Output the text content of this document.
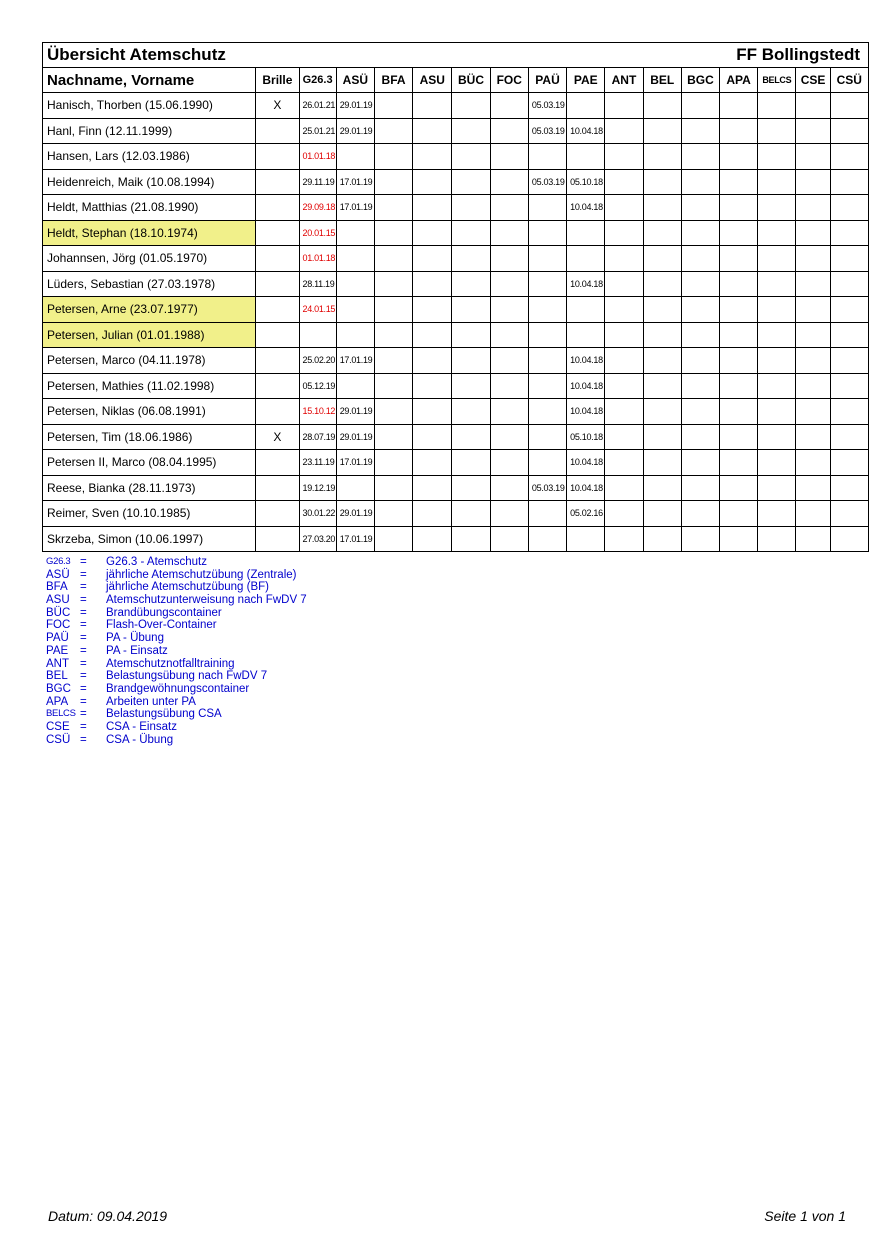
Übersicht Atemschutz								FF Bollingstedt								
Nachname, Vorname	Brille	G26.3	ASÜ	BFA	ASU	BÜC	FOC	PAÜ	PAE	ANT	BEL	BGC	APA	BELCS	CSE	CSÜ
Hanisch, Thorben (15.06.1990)	X	26.01.21	29.01.19					05.03.19								
Hanl, Finn (12.11.1999)		25.01.21	29.01.19					05.03.19	10.04.18							
Hansen, Lars (12.03.1986)		01.01.18														
Heidenreich, Maik (10.08.1994)		29.11.19	17.01.19					05.03.19	05.10.18							
Heldt, Matthias (21.08.1990)		29.09.18	17.01.19						10.04.18							
Heldt, Stephan (18.10.1974)		20.01.15														
Johannsen, Jörg (01.05.1970)		01.01.18														
Lüders, Sebastian (27.03.1978)		28.11.19							10.04.18							
Petersen, Arne (23.07.1977)		24.01.15														
Petersen, Julian (01.01.1988)																
Petersen, Marco (04.11.1978)		25.02.20	17.01.19						10.04.18							
Petersen, Mathies (11.02.1998)		05.12.19							10.04.18							
Petersen, Niklas (06.08.1991)		15.10.12	29.01.19						10.04.18							
Petersen, Tim (18.06.1986)	X	28.07.19	29.01.19						05.10.18							
Petersen II, Marco (08.04.1995)		23.11.19	17.01.19						10.04.18							
Reese, Bianka (28.11.1973)		19.12.19						05.03.19	10.04.18							
Reimer, Sven (10.10.1985)		30.01.22	29.01.19						05.02.16							
Skrzeba, Simon (10.06.1997)		27.03.20	17.01.19													
G26.3 =	G26.3 - Atemschutz
ASÜ =	jährliche Atemschutzübung (Zentrale)
BFA	=	jährliche Atemschutzübung (BF)
ASU =	Atemschutzunterweisung nach FwDV 7
BÜC =	Brandübungscontainer
FOC =	Flash-Over-Container
PAÜ =	PA - Übung
PAE	=	PA - Einsatz
ANT =	Atemschutznotfalltraining
BEL	=	Belastungsübung nach FwDV 7
BGC =	Brandgewöhnungscontainer
APA	=	Arbeiten unter PA
BELCS =	Belastungsübung CSA
CSE =	CSA - Einsatz
CSÜ =	CSA - Übung
Datum: 09.04.2019	Seite 1 von 1
